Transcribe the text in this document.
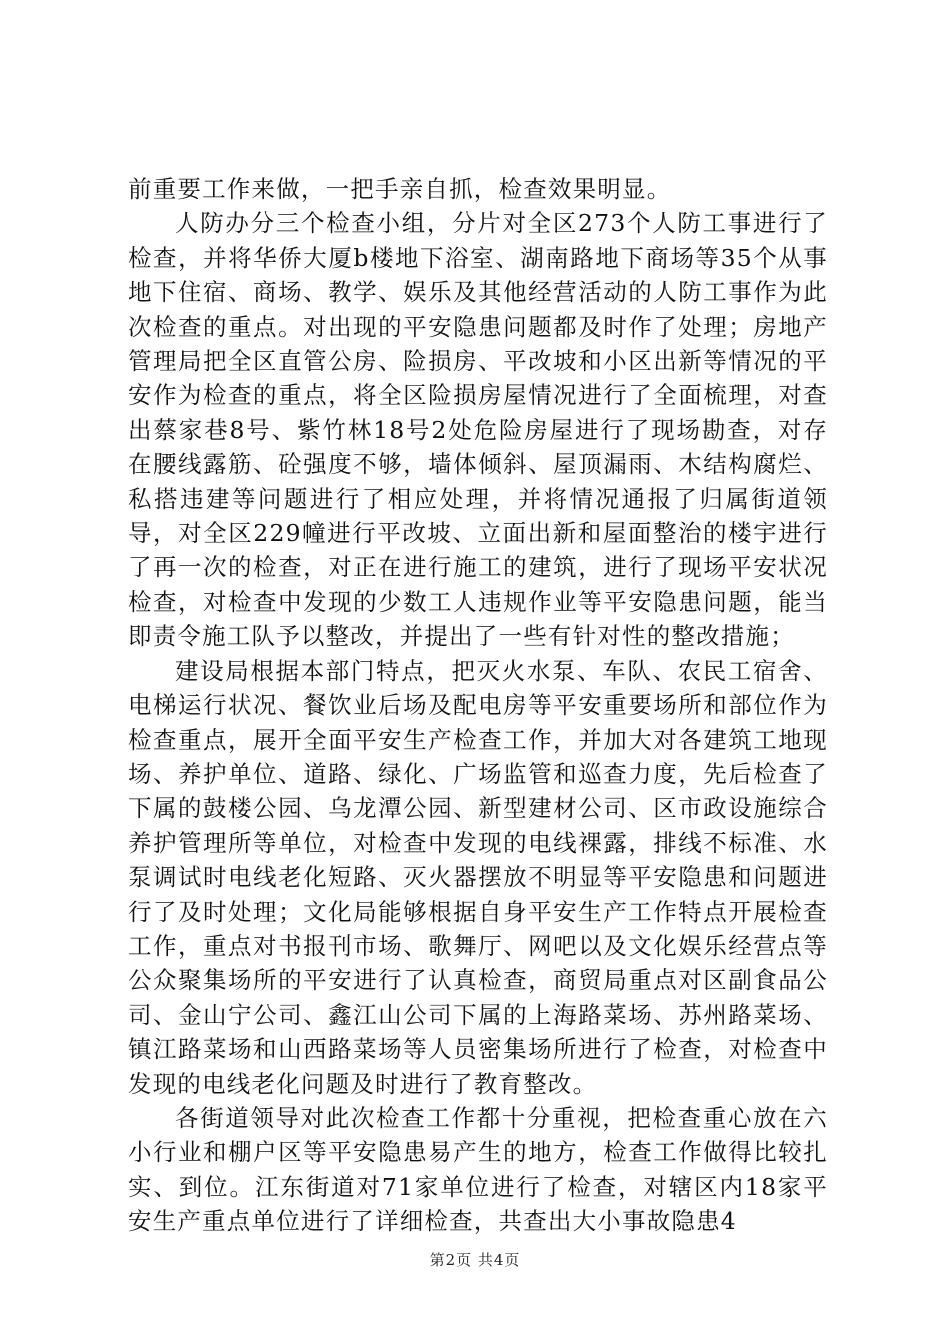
前重要工作来做，一把手亲自抓，检查效果明显。

人防办分三个检查小组，分片对全区273个人防工事进行了检查，并将华侨大厦b楼地下浴室、湖南路地下商场等35个从事地下住宿、商场、教学、娱乐及其他经营活动的人防工事作为此次检查的重点。对出现的平安隐患问题都及时作了处理；房地产管理局把全区直管公房、险损房、平改坡和小区出新等情况的平安作为检查的重点，将全区险损房屋情况进行了全面梳理，对查出蔡家巷8号、紫竹林18号2处危险房屋进行了现场勘查，对存在腰线露筋、砼强度不够，墙体倾斜、屋顶漏雨、木结构腐烂、私搭违建等问题进行了相应处理，并将情况通报了归属街道领导，对全区229幢进行平改坡、立面出新和屋面整治的楼宇进行了再一次的检查，对正在进行施工的建筑，进行了现场平安状况检查，对检查中发现的少数工人违规作业等平安隐患问题，能当即责令施工队予以整改，并提出了一些有针对性的整改措施；

建设局根据本部门特点，把灭火水泵、车队、农民工宿舍、电梯运行状况、餐饮业后场及配电房等平安重要场所和部位作为检查重点，展开全面平安生产检查工作，并加大对各建筑工地现场、养护单位、道路、绿化、广场监管和巡查力度，先后检查了下属的鼓楼公园、乌龙潭公园、新型建材公司、区市政设施综合养护管理所等单位，对检查中发现的电线裸露，排线不标准、水泵调试时电线老化短路、灭火器摆放不明显等平安隐患和问题进行了及时处理；文化局能够根据自身平安生产工作特点开展检查工作，重点对书报刊市场、歌舞厅、网吧以及文化娱乐经营点等公众聚集场所的平安进行了认真检查，商贸局重点对区副食品公司、金山宁公司、鑫江山公司下属的上海路菜场、苏州路菜场、镇江路菜场和山西路菜场等人员密集场所进行了检查，对检查中发现的电线老化问题及时进行了教育整改。

各街道领导对此次检查工作都十分重视，把检查重心放在六小行业和棚户区等平安隐患易产生的地方，检查工作做得比较扎实、到位。江东街道对71家单位进行了检查，对辖区内18家平安生产重点单位进行了详细检查，共查出大小事故隐患4

第2页 共4页
